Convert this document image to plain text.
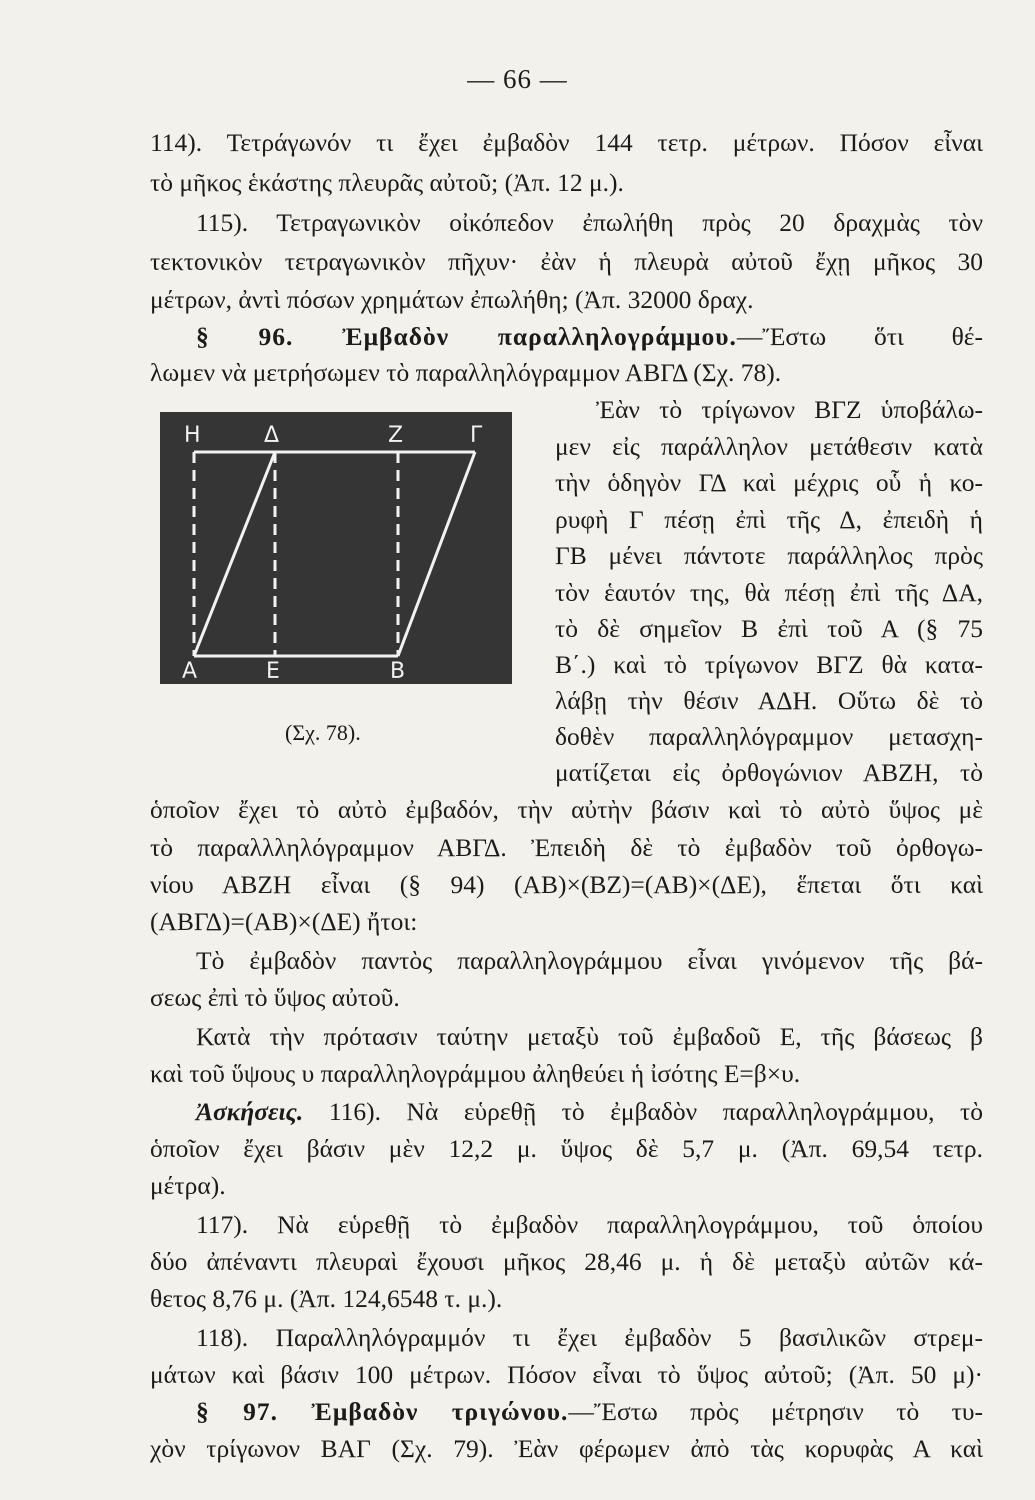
— 66 —
114). Τετράγωνόν τι ἔχει ἐμβαδὸν 144 τετρ. μέτρων. Πόσον εἶναι
τὸ μῆκος ἑκάστης πλευρᾶς αὐτοῦ; (Ἀπ. 12 μ.).
115). Τετραγωνικὸν οἰκόπεδον ἐπωλήθη πρὸς 20 δραχμὰς τὸν
τεκτονικὸν τετραγωνικὸν πῆχυν· ἐὰν ἡ πλευρὰ αὐτοῦ ἔχῃ μῆκος 30
μέτρων, ἀντὶ πόσων χρημάτων ἐπωλήθη; (Ἀπ. 32000 δραχ.
§ 96. Ἐμβαδὸν παραλληλογράμμου.—Ἔστω ὅτι θέ-
λωμεν νὰ μετρήσωμεν τὸ παραλληλόγραμμον ΑΒΓΔ (Σχ. 78).
Η	Δ	Ζ	Γ
Α	Ε	Β
(Σχ. 78).
Ἐὰν τὸ τρίγωνον ΒΓΖ ὑποβάλω-
μεν εἰς παράλληλον μετάθεσιν κατὰ
τὴν ὁδηγὸν ΓΔ καὶ μέχρις οὗ ἡ κο-
ρυφὴ Γ πέσῃ ἐπὶ τῆς Δ, ἐπειδὴ ἡ
ΓΒ μένει πάντοτε παράλληλος πρὸς
τὸν ἑαυτόν της, θὰ πέσῃ ἐπὶ τῆς ΔΑ,
τὸ δὲ σημεῖον Β ἐπὶ τοῦ Α (§ 75
Β΄.) καὶ τὸ τρίγωνον ΒΓΖ θὰ κατα-
λάβῃ τὴν θέσιν ΑΔΗ. Οὕτω δὲ τὸ
δοθὲν παραλληλόγραμμον μετασχη-
ματίζεται εἰς ὀρθογώνιον ΑΒΖΗ, τὸ
ὁποῖον ἔχει τὸ αὐτὸ ἐμβαδόν, τὴν αὐτὴν βάσιν καὶ τὸ αὐτὸ ὕψος μὲ
τὸ παραλλληλόγραμμον ΑΒΓΔ. Ἐπειδὴ δὲ τὸ ἐμβαδὸν τοῦ ὀρθογω-
νίου ΑΒΖΗ εἶναι (§ 94) (ΑΒ)×(ΒΖ)=(ΑΒ)×(ΔΕ), ἕπεται ὅτι καὶ
(ΑΒΓΔ)=(ΑΒ)×(ΔΕ) ἤτοι:
Τὸ ἐμβαδὸν παντὸς παραλληλογράμμου εἶναι γινόμενον τῆς βά-
σεως ἐπὶ τὸ ὕψος αὐτοῦ.
Κατὰ τὴν πρότασιν ταύτην μεταξὺ τοῦ ἐμβαδοῦ Ε, τῆς βάσεως β
καὶ τοῦ ὕψους υ παραλληλογράμμου ἀληθεύει ἡ ἰσότης Ε=β×υ.
Ἀσκήσεις. 116). Νὰ εὑρεθῇ τὸ ἐμβαδὸν παραλληλογράμμου, τὸ
ὁποῖον ἔχει βάσιν μὲν 12,2 μ. ὕψος δὲ 5,7 μ. (Ἀπ. 69,54 τετρ.
μέτρα).
117). Νὰ εὑρεθῇ τὸ ἐμβαδὸν παραλληλογράμμου, τοῦ ὁποίου
δύο ἀπέναντι πλευραὶ ἔχουσι μῆκος 28,46 μ. ἡ δὲ μεταξὺ αὐτῶν κά-
θετος 8,76 μ. (Ἀπ. 124,6548 τ. μ.).
118). Παραλληλόγραμμόν τι ἔχει ἐμβαδὸν 5 βασιλικῶν στρεμ-
μάτων καὶ βάσιν 100 μέτρων. Πόσον εἶναι τὸ ὕψος αὐτοῦ; (Ἀπ. 50 μ)·
§ 97. Ἐμβαδὸν τριγώνου.—Ἔστω πρὸς μέτρησιν τὸ τυ-
χὸν τρίγωνον ΒΑΓ (Σχ. 79). Ἐὰν φέρωμεν ἀπὸ τὰς κορυφὰς Α καὶ
